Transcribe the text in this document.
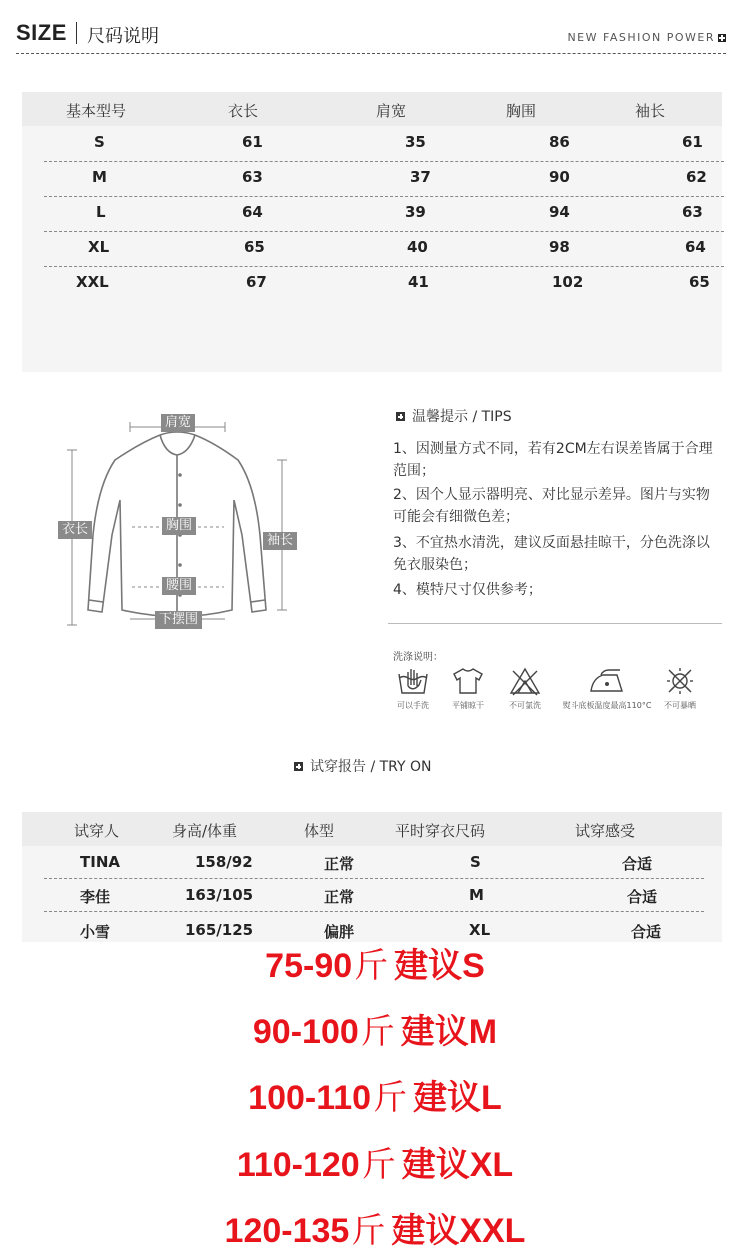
SIZE 尺码说明	NEW FASHION POWER
基本型号	衣长	肩宽	胸围	袖长
S	61	35	86	61
M	63	37	90	62
L	64	39	94	63
XL	65	40	98	64
XXL	67	41	102	65
肩宽
衣长	胸围
袖长
腰围
下摆围
温馨提示 / TIPS
1、因测量方式不同，若有2CM左右误差皆属于合理范围；
2、因个人显示器明亮、对比显示差异。图片与实物可能会有细微色差；
3、不宜热水清洗，建议反面悬挂晾干，分色洗涤以免衣服染色；
4、模特尺寸仅供参考；
洗涤说明：
可以手洗	平铺晾干	不可氯洗	熨斗底板温度最高110°C	不可暴晒
试穿报告 / TRY ON
试穿人	身高/体重	体型	平时穿衣尺码	试穿感受
TINA	158/92	正常	S	合适
李佳	163/105	正常	M	合适
小雪	165/125	偏胖	XL	合适
75-90斤 建议S
90-100斤 建议M
100-110斤 建议L
110-120斤 建议XL
120-135斤 建议XXL
